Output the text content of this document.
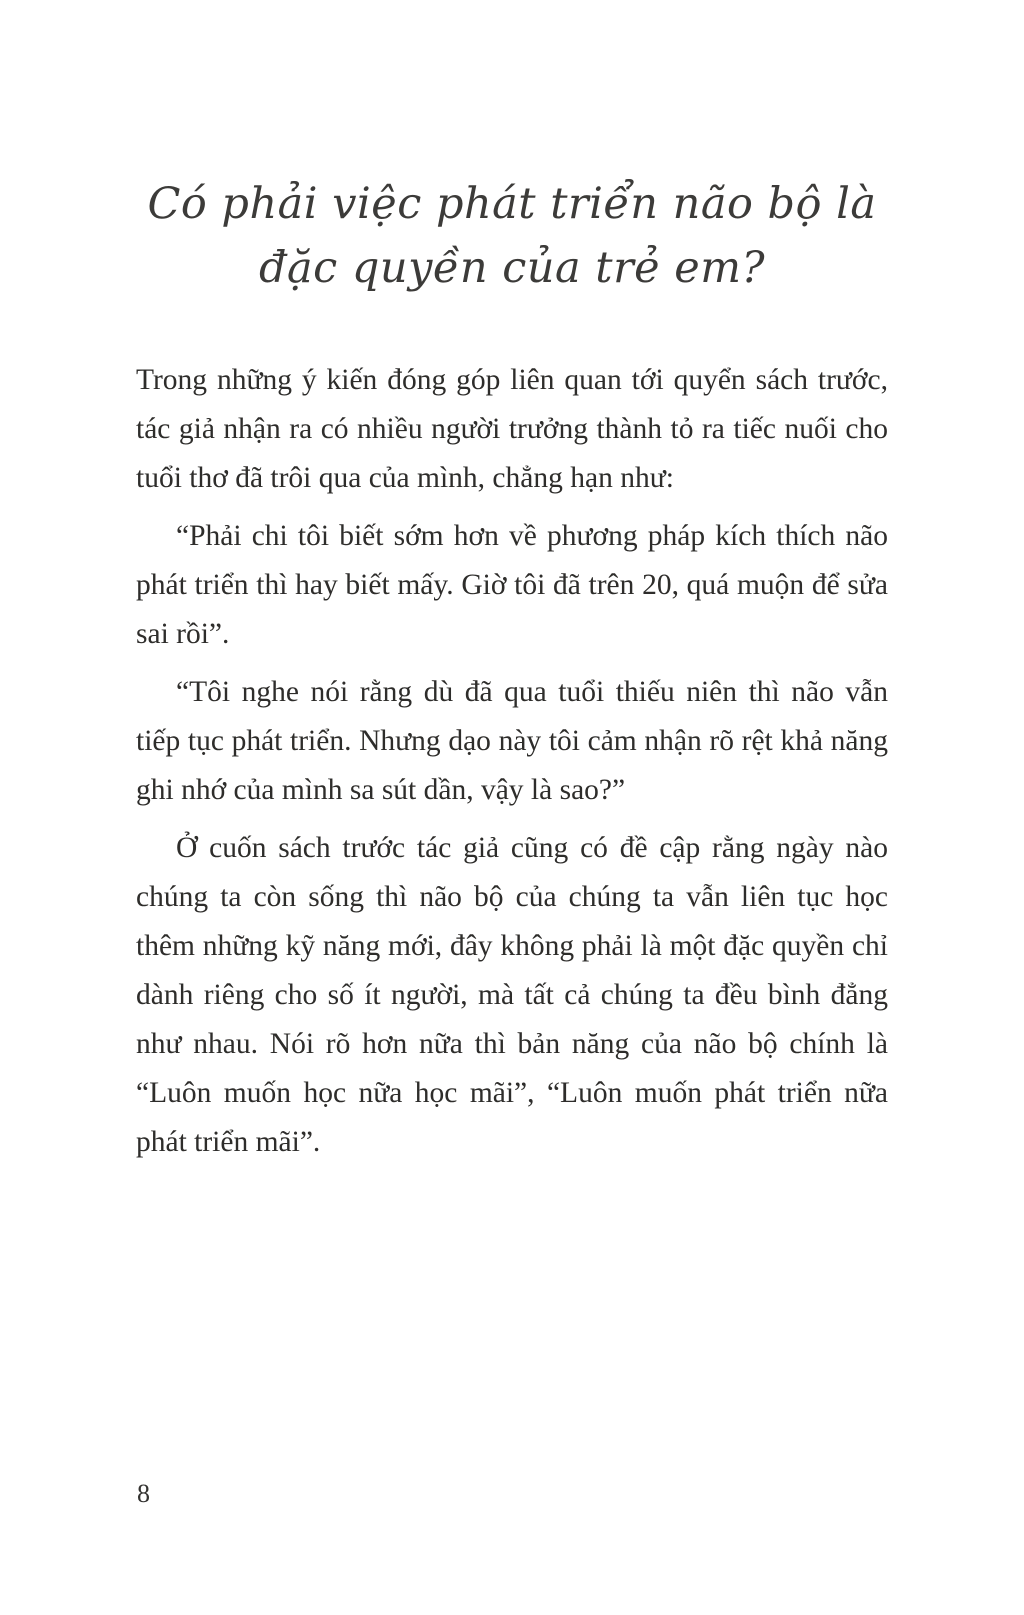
Có phải việc phát triển não bộ là
đặc quyền của trẻ em?

Trong những ý kiến đóng góp liên quan tới quyển sách trước, tác giả nhận ra có nhiều người trưởng thành tỏ ra tiếc nuối cho tuổi thơ đã trôi qua của mình, chẳng hạn như:

“Phải chi tôi biết sớm hơn về phương pháp kích thích não phát triển thì hay biết mấy. Giờ tôi đã trên 20, quá muộn để sửa sai rồi”.

“Tôi nghe nói rằng dù đã qua tuổi thiếu niên thì não vẫn tiếp tục phát triển. Nhưng dạo này tôi cảm nhận rõ rệt khả năng ghi nhớ của mình sa sút dần, vậy là sao?”

Ở cuốn sách trước tác giả cũng có đề cập rằng ngày nào chúng ta còn sống thì não bộ của chúng ta vẫn liên tục học thêm những kỹ năng mới, đây không phải là một đặc quyền chỉ dành riêng cho số ít người, mà tất cả chúng ta đều bình đẳng như nhau. Nói rõ hơn nữa thì bản năng của não bộ chính là “Luôn muốn học nữa học mãi”, “Luôn muốn phát triển nữa phát triển mãi”.

8
